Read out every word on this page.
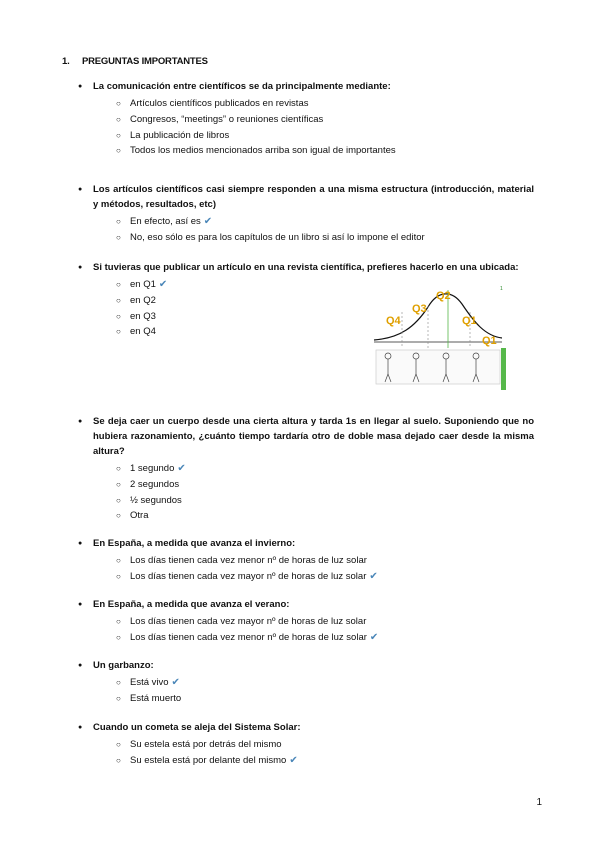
1. PREGUNTAS IMPORTANTES
● La comunicación entre científicos se da principalmente mediante:
○ Artículos científicos publicados en revistas
○ Congresos, “meetings” o reuniones científicas
○ La publicación de libros
○ Todos los medios mencionados arriba son igual de importantes
● Los artículos científicos casi siempre responden a una misma estructura (introducción, material y métodos, resultados, etc)
○ En efecto, así es ✔
○ No, eso sólo es para los capítulos de un libro si así lo impone el editor
● Si tuvieras que publicar un artículo en una revista científica, prefieres hacerlo en una ubicada:
○ en Q1 ✔
○ en Q2
○ en Q3
○ en Q4
Q4
Q3
Q2
Q1
Q1
1
● Se deja caer un cuerpo desde una cierta altura y tarda 1s en llegar al suelo. Suponiendo que no hubiera razonamiento, ¿cuánto tiempo tardaría otro de doble masa dejado caer desde la misma altura?
○ 1 segundo ✔
○ 2 segundos
○ ½ segundos
○ Otra
● En España, a medida que avanza el invierno:
○ Los días tienen cada vez menor nº de horas de luz solar
○ Los días tienen cada vez mayor nº de horas de luz solar ✔
● En España, a medida que avanza el verano:
○ Los días tienen cada vez mayor nº de horas de luz solar
○ Los días tienen cada vez menor nº de horas de luz solar ✔
● Un garbanzo:
○ Está vivo ✔
○ Está muerto
● Cuando un cometa se aleja del Sistema Solar:
○ Su estela está por detrás del mismo
○ Su estela está por delante del mismo ✔
1
